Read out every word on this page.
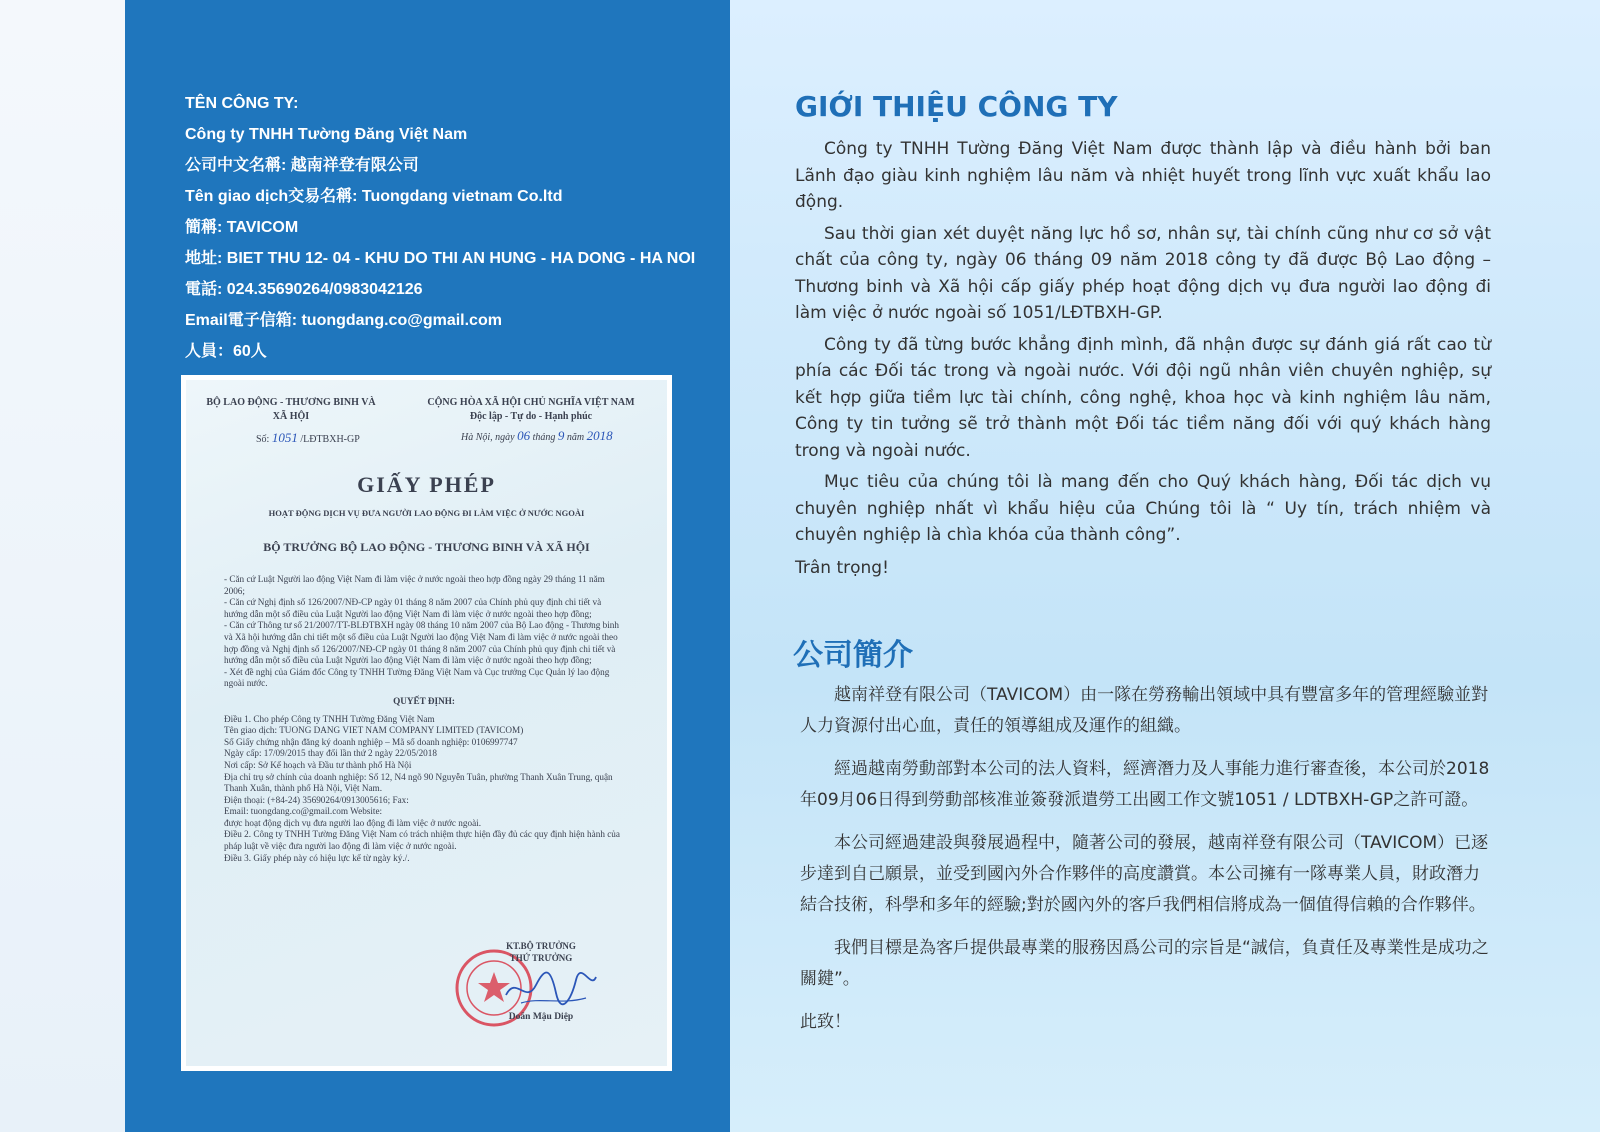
TÊN CÔNG TY:
Công ty TNHH Tường Đăng Việt Nam
公司中文名稱: 越南祥登有限公司
Tên giao dịch交易名稱: Tuongdang vietnam Co.ltd
簡稱: TAVICOM
地址: BIET THU 12- 04 - KHU DO THI AN HUNG - HA DONG - HA NOI
電話: 024.35690264/0983042126
Email電子信箱: tuongdang.co@gmail.com
人員：60人
BỘ LAO ĐỘNG - THƯƠNG BINH VÀ XÃ HỘI
CỘNG HÒA XÃ HỘI CHỦ NGHĨA VIỆT NAM
Độc lập - Tự do - Hạnh phúc
Số: 1051 /LĐTBXH-GP	Hà Nội, ngày 06 tháng 9 năm 2018
GIẤY PHÉP
HOẠT ĐỘNG DỊCH VỤ ĐƯA NGƯỜI LAO ĐỘNG ĐI LÀM VIỆC Ở NƯỚC NGOÀI
BỘ TRƯỞNG BỘ LAO ĐỘNG - THƯƠNG BINH VÀ XÃ HỘI

- Căn cứ Luật Người lao động Việt Nam đi làm việc ở nước ngoài theo hợp đồng ngày 29 tháng 11 năm 2006;

- Căn cứ Nghị định số 126/2007/NĐ-CP ngày 01 tháng 8 năm 2007 của Chính phủ quy định chi tiết và hướng dẫn một số điều của Luật Người lao động Việt Nam đi làm việc ở nước ngoài theo hợp đồng;

- Căn cứ Thông tư số 21/2007/TT-BLĐTBXH ngày 08 tháng 10 năm 2007 của Bộ Lao động - Thương binh và Xã hội hướng dẫn chi tiết một số điều của Luật Người lao động Việt Nam đi làm việc ở nước ngoài theo hợp đồng và Nghị định số 126/2007/NĐ-CP ngày 01 tháng 8 năm 2007 của Chính phủ quy định chi tiết và hướng dẫn một số điều của Luật Người lao động Việt Nam đi làm việc ở nước ngoài theo hợp đồng;

- Xét đề nghị của Giám đốc Công ty TNHH Tường Đăng Việt Nam và Cục trưởng Cục Quản lý lao động ngoài nước.

QUYẾT ĐỊNH:

Điều 1. Cho phép Công ty TNHH Tường Đăng Việt Nam

Tên giao dịch: TUONG DANG VIET NAM COMPANY LIMITED (TAVICOM)

Số Giấy chứng nhận đăng ký doanh nghiệp – Mã số doanh nghiệp: 0106997747

Ngày cấp: 17/09/2015 thay đổi lần thứ 2 ngày 22/05/2018

Nơi cấp: Sở Kế hoạch và Đầu tư thành phố Hà Nội

Địa chỉ trụ sở chính của doanh nghiệp: Số 12, N4 ngõ 90 Nguyễn Tuân, phường Thanh Xuân Trung, quận Thanh Xuân, thành phố Hà Nội, Việt Nam.

Điện thoại: (+84-24) 35690264/0913005616; Fax:

Email: tuongdang.co@gmail.com Website:

được hoạt động dịch vụ đưa người lao động đi làm việc ở nước ngoài.

Điều 2. Công ty TNHH Tường Đăng Việt Nam có trách nhiệm thực hiện đầy đủ các quy định hiện hành của pháp luật về việc đưa người lao động đi làm việc ở nước ngoài.

Điều 3. Giấy phép này có hiệu lực kể từ ngày ký./.

KT.BỘ TRƯỞNG
THỨ TRƯỞNG
Doãn Mậu Diệp
GIỚI THIỆU CÔNG TY

Công ty TNHH Tường Đăng Việt Nam được thành lập và điều hành bởi ban Lãnh đạo giàu kinh nghiệm lâu năm và nhiệt huyết trong lĩnh vực xuất khẩu lao động.

Sau thời gian xét duyệt năng lực hồ sơ, nhân sự, tài chính cũng như cơ sở vật chất của công ty, ngày 06 tháng 09 năm 2018 công ty đã được Bộ Lao động – Thương binh và Xã hội cấp giấy phép hoạt động dịch vụ đưa người lao động đi làm việc ở nước ngoài số 1051/LĐTBXH-GP.

Công ty đã từng bước khẳng định mình, đã nhận được sự đánh giá rất cao từ phía các Đối tác trong và ngoài nước. Với đội ngũ nhân viên chuyên nghiệp, sự kết hợp giữa tiềm lực tài chính, công nghệ, khoa học và kinh nghiệm lâu năm, Công ty tin tưởng sẽ trở thành một Đối tác tiềm năng đối với quý khách hàng trong và ngoài nước.

Mục tiêu của chúng tôi là mang đến cho Quý khách hàng, Đối tác dịch vụ chuyên nghiệp nhất vì khẩu hiệu của Chúng tôi là “ Uy tín, trách nhiệm và chuyên nghiệp là chìa khóa của thành công”.

Trân trọng!

公司簡介

越南祥登有限公司（TAVICOM）由一隊在勞務輸出領域中具有豐富多年的管理經驗並對人力資源付出心血，責任的領導組成及運作的組織。

經過越南勞動部對本公司的法人資料，經濟潛力及人事能力進行審查後，本公司於2018年09月06日得到勞動部核准並簽發派遣勞工出國工作文號1051 / LDTBXH-GP之許可證。

本公司經過建設與發展過程中，隨著公司的發展，越南祥登有限公司（TAVICOM）已逐步達到自己願景，並受到國內外合作夥伴的高度讚賞。本公司擁有一隊專業人員，財政潛力結合技術，科學和多年的經驗;對於國內外的客戶我們相信將成為一個值得信賴的合作夥伴。

我們目標是為客戶提供最專業的服務因爲公司的宗旨是“誠信，負責任及專業性是成功之關鍵”。

此致！
